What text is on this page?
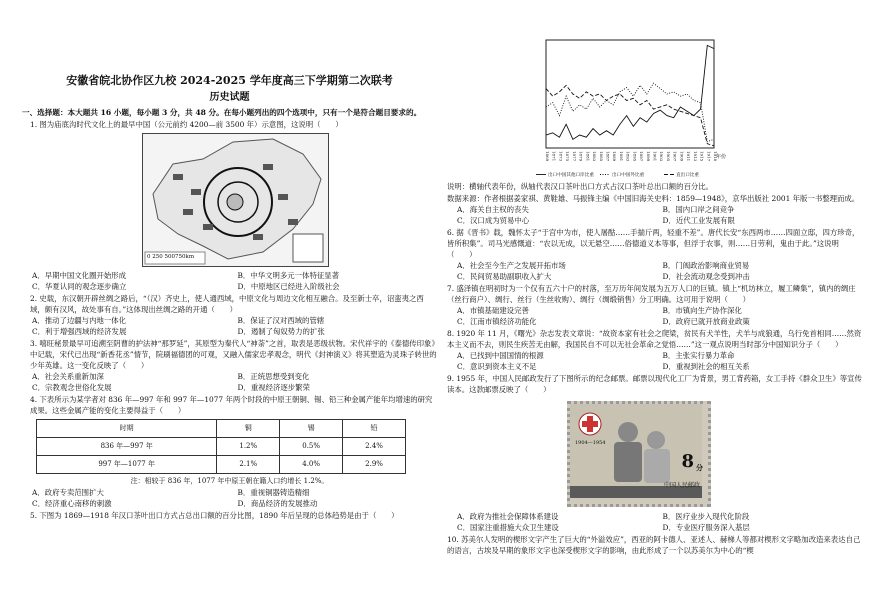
安徽省皖北协作区九校 2024-2025 学年度高三下学期第二次联考
历史试题

一、选择题：本大题共 16 小题，每小题 3 分，共 48 分。在每小题列出的四个选项中，只有一个是符合题目要求的。

1. 图为庙底沟时代文化上的最早中国（公元前约 4200—前 3500 年）示意图，这说明（　　）

0 250 500750km
A．早期中国文化圈开始形成	B．中华文明多元一体特征显著
C．华夏认同的观念逐步确立	D．中原地区已经进入阶级社会

2. 史载，东汉朝开辟丝绸之路后，“（汉）齐史上，使人通西域，中原文化与周边文化相互融合。及至新士卒，诏蛮夷之西域，颇有汉风，故处事有自。”这体现出丝绸之路的开通（　　）

A．推动了边疆与内地一体化	B．保证了汉对西域的管辖
C．利于增强西域的经济发展	D．遏制了匈奴势力的扩张

3. 嘻旺秘景最早可追溯至阴曹的护法神“那罗延”，其原型为秦代人“神荼”之首，取表是恶级状物。宋代祥宇的《泰德传印象》中记载，宋代已出现“新香花丞”情节，院刷福德团的可观，又融入儒家忠孝观念，明代《封神演义》将其塑造为灵珠子转世的少年英雄。这一变化反映了（　　）

A．社会关系重新加深	B．正统思想受到变化
C．宗教观念世俗化发展	D．重视经济逐步繁荣

4. 下表所示为某学者对 836 年—997 年和 997 年—1077 年两个时段的中原王朝铜、锡、铅三种金属产能年均增速的研究成果。这些金属产能的变化主要得益于（　　）

时期	铜	锡	铅
836 年—997 年	1.2%	0.5%	2.4%
997 年—1077 年	2.1%	4.0%	2.9%

注：相较于 836 年，1077 年中原王朝在籍人口约增长 1.2%。

A．政府专卖范围扩大	B．重视铜器铸造精细
C．经济重心南移的刺激	D．商品经济的发展推动

5. 下图为 1869—1918 年汉口茶叶出口方式占总出口额的百分比图，1890 年后呈现的总体趋势是由于（　　）

1869 1871 1873 1875 1877 1879 1881 1883 1885 1887 1889 1891 1893 1895 1897 1899 1901 1903 1905 1907 1909 1911 1913 1915 1917 1918
年份
出口中国其他口岸比重	出口中国外比重	直出口比重

说明：横轴代表年份，纵轴代表汉口茶叶出口方式占汉口茶叶总出口额的百分比。

数据来源：作者根据姜家祺、黄鞋雄、马振锋主编《中国旧海关史料：1859—1948》，京华出版社 2001 年版一书整理而成。

A．海关自主权的丧失	B．国内口岸之间竞争
C．汉口成为贸易中心	D．近代工业发展有限

6. 据《晋书》载，魏怀太子“于宫中为市，使人屠酤……手揣斤两，轻重不差”。唐代长安“东西两市……四面立邸，四方珍奇，皆所积集”。司马光感慨道：“农以无成，以无悬空……俗德道义本等事，但浮于农事，则……日劳利，鬼由于此。”这说明（　　）

A．社会至今生产之发展开拓市场	B．门阀政治影响商业贸易
C．民间贸易助副职收入扩大	D．社会流动观念受到冲击

7. 盛泽镇在明初时为一个仅有五六十户的村落，至万历年间发展为五万人口的巨镇。镇上“机坊林立，履工鳞集”，镇内的绸庄（丝行商户）、绸行、丝行（生丝收购）、绸行（绸缎销售）分工明确。这可用于说明（　　）

A．市镇基础建设完善	B．市镇向生产协作深化
C．江南市镇经济功能化	D．政府已就开放商业政策

8. 1920 年 11 月，《曙光》杂志发表文章说：“故资本家有社会之爬梁，贫民有犬羊性，犬羊与成狼通，乌行免首相同……然资本主义而不去，则民生疾苦无由解，我国民自不可以无社会革命之觉悟……”这一观点说明当时部分中国知识分子（　　）

A．已找到中国国情的根源	B．主张实行暴力革命
C．意识到资本主义不足	D．重视到社会的相互关系

9. 1955 年，中国人民邮政发行了下图所示的纪念邮票。邮票以现代化工厂为背景，男工背药箱，女工手持《群众卫生》等宣传读本。这款邮票反映了（　　）

1904—1954
8 分
中国人民邮政
A．政府为推社会保障体系建设	B．医疗业步入现代化阶段
C．国家注重措施大众卫生建设	D．专业医疗服务深入基层

10. 苏美尔人发明的楔形文字产生了巨大的“外溢效应”，西亚的阿卡德人、亚述人、赫梯人等都对楔形文字略加改造来表达自己的语言，古埃及早期的象形文字也深受楔形文字的影响，由此形成了一个以苏美尔为中心的“楔
